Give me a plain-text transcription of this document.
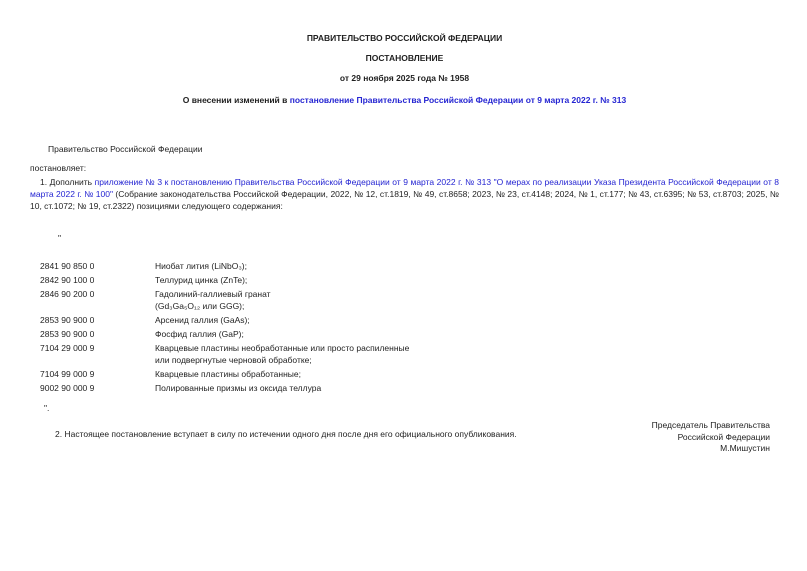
ПРАВИТЕЛЬСТВО РОССИЙСКОЙ ФЕДЕРАЦИИ
ПОСТАНОВЛЕНИЕ
от 29 ноября 2025 года № 1958
О внесении изменений в постановление Правительства Российской Федерации от 9 марта 2022 г. № 313
Правительство Российской Федерации
постановляет:
1. Дополнить приложение № 3 к постановлению Правительства Российской Федерации от 9 марта 2022 г. № 313 "О мерах по реализации Указа Президента Российской Федерации от 8 марта 2022 г. № 100" (Собрание законодательства Российской Федерации, 2022, № 12, ст.1819, № 49, ст.8658; 2023, № 23, ст.4148; 2024, № 1, ст.177; № 43, ст.6395; № 53, ст.8703; 2025, № 10, ст.1072; № 19, ст.2322) позициями следующего содержания:
"
2841 90 850 0	Ниобат лития (LiNbO₃);
2842 90 100 0	Теллурид цинка (ZnTe);
2846 90 200 0	Гадолиний-галлиевый гранат
(Gd₃Ga₅O₁₂ или GGG);
2853 90 900 0	Арсенид галлия (GaAs);
2853 90 900 0	Фосфид галлия (GaP);
7104 29 000 9	Кварцевые пластины необработанные или просто распиленные
или подвергнутые черновой обработке;
7104 99 000 9	Кварцевые пластины обработанные;
9002 90 000 9	Полированные призмы из оксида теллура
".
2. Настоящее постановление вступает в силу по истечении одного дня после дня его официального опубликования.
Председатель Правительства
Российской Федерации
М.Мишустин
